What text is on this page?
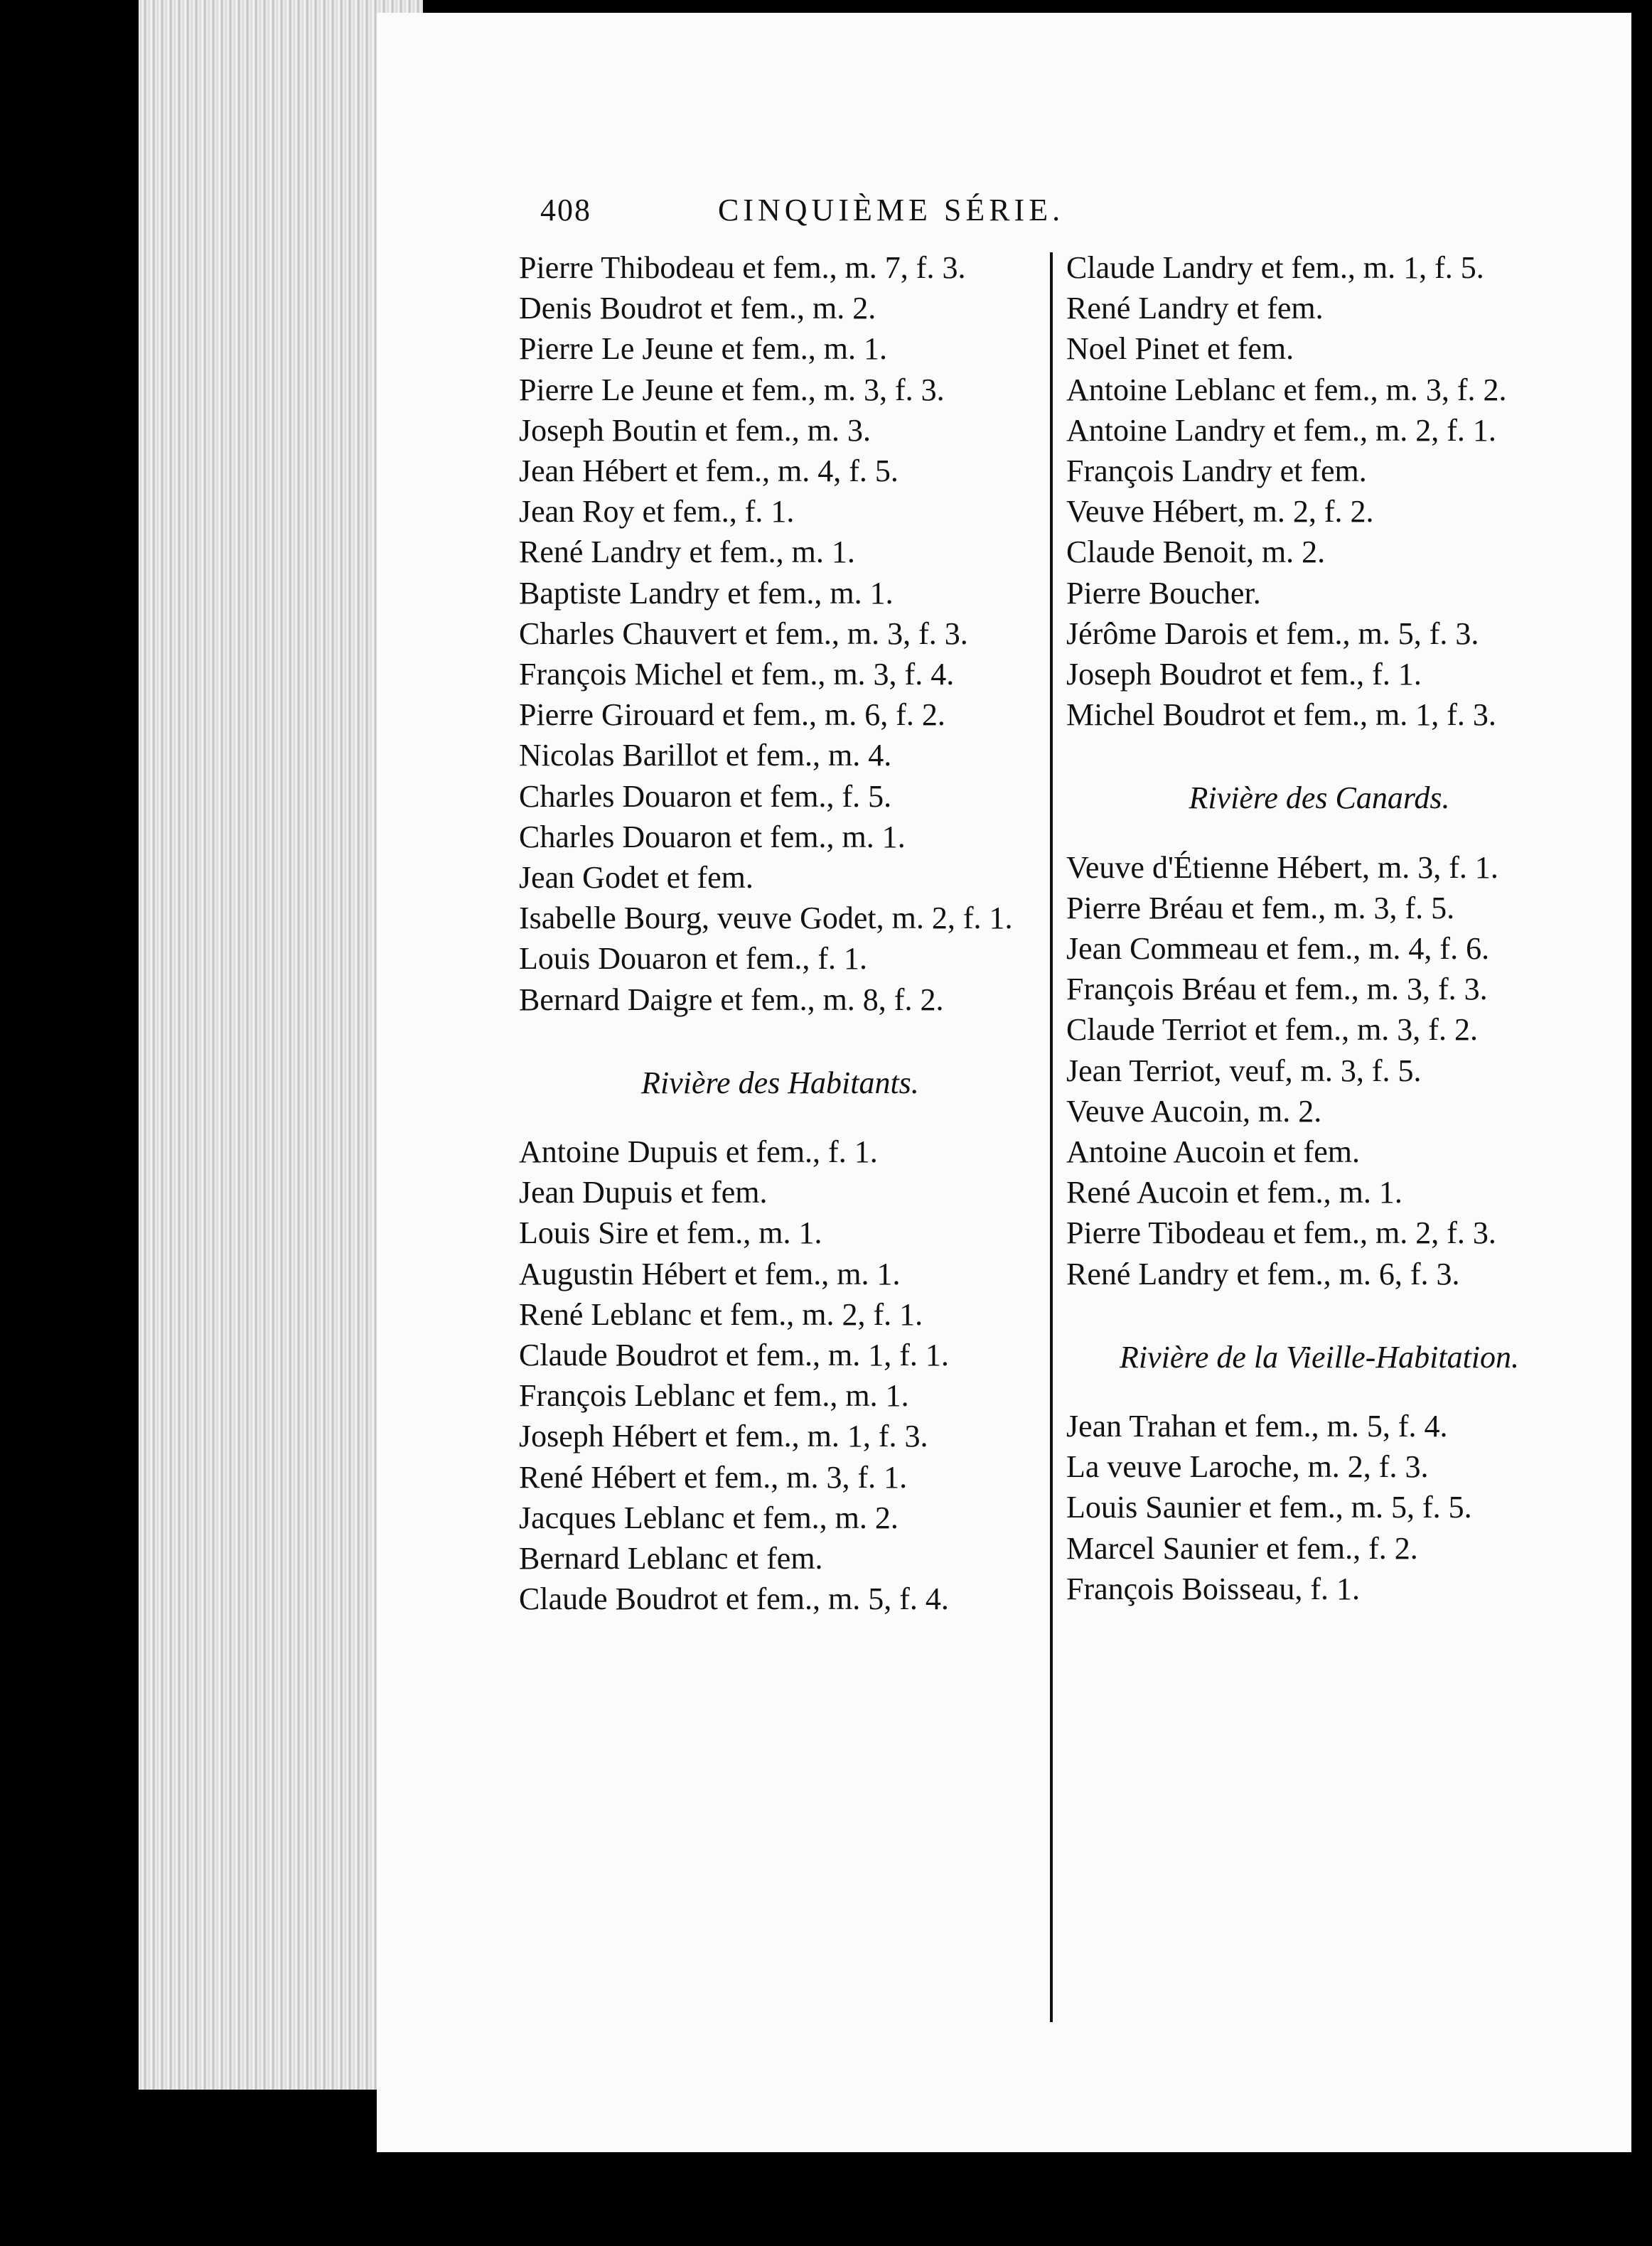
408	CINQUIÈME SÉRIE.

Pierre Thibodeau et fem., m. 7, f. 3.

Denis Boudrot et fem., m. 2.

Pierre Le Jeune et fem., m. 1.

Pierre Le Jeune et fem., m. 3, f. 3.

Joseph Boutin et fem., m. 3.

Jean Hébert et fem., m. 4, f. 5.

Jean Roy et fem., f. 1.

René Landry et fem., m. 1.

Baptiste Landry et fem., m. 1.

Charles Chauvert et fem., m. 3, f. 3.

François Michel et fem., m. 3, f. 4.

Pierre Girouard et fem., m. 6, f. 2.

Nicolas Barillot et fem., m. 4.

Charles Douaron et fem., f. 5.

Charles Douaron et fem., m. 1.

Jean Godet et fem.

Isabelle Bourg, veuve Godet, m. 2, f. 1.

Louis Douaron et fem., f. 1.

Bernard Daigre et fem., m. 8, f. 2.

Rivière des Habitants.

Antoine Dupuis et fem., f. 1.

Jean Dupuis et fem.

Louis Sire et fem., m. 1.

Augustin Hébert et fem., m. 1.

René Leblanc et fem., m. 2, f. 1.

Claude Boudrot et fem., m. 1, f. 1.

François Leblanc et fem., m. 1.

Joseph Hébert et fem., m. 1, f. 3.

René Hébert et fem., m. 3, f. 1.

Jacques Leblanc et fem., m. 2.

Bernard Leblanc et fem.

Claude Boudrot et fem., m. 5, f. 4.

Claude Landry et fem., m. 1, f. 5.

René Landry et fem.

Noel Pinet et fem.

Antoine Leblanc et fem., m. 3, f. 2.

Antoine Landry et fem., m. 2, f. 1.

François Landry et fem.

Veuve Hébert, m. 2, f. 2.

Claude Benoit, m. 2.

Pierre Boucher.

Jérôme Darois et fem., m. 5, f. 3.

Joseph Boudrot et fem., f. 1.

Michel Boudrot et fem., m. 1, f. 3.

Rivière des Canards.

Veuve d'Étienne Hébert, m. 3, f. 1.

Pierre Bréau et fem., m. 3, f. 5.

Jean Commeau et fem., m. 4, f. 6.

François Bréau et fem., m. 3, f. 3.

Claude Terriot et fem., m. 3, f. 2.

Jean Terriot, veuf, m. 3, f. 5.

Veuve Aucoin, m. 2.

Antoine Aucoin et fem.

René Aucoin et fem., m. 1.

Pierre Tibodeau et fem., m. 2, f. 3.

René Landry et fem., m. 6, f. 3.

Rivière de la Vieille-Habitation.

Jean Trahan et fem., m. 5, f. 4.

La veuve Laroche, m. 2, f. 3.

Louis Saunier et fem., m. 5, f. 5.

Marcel Saunier et fem., f. 2.

François Boisseau, f. 1.
